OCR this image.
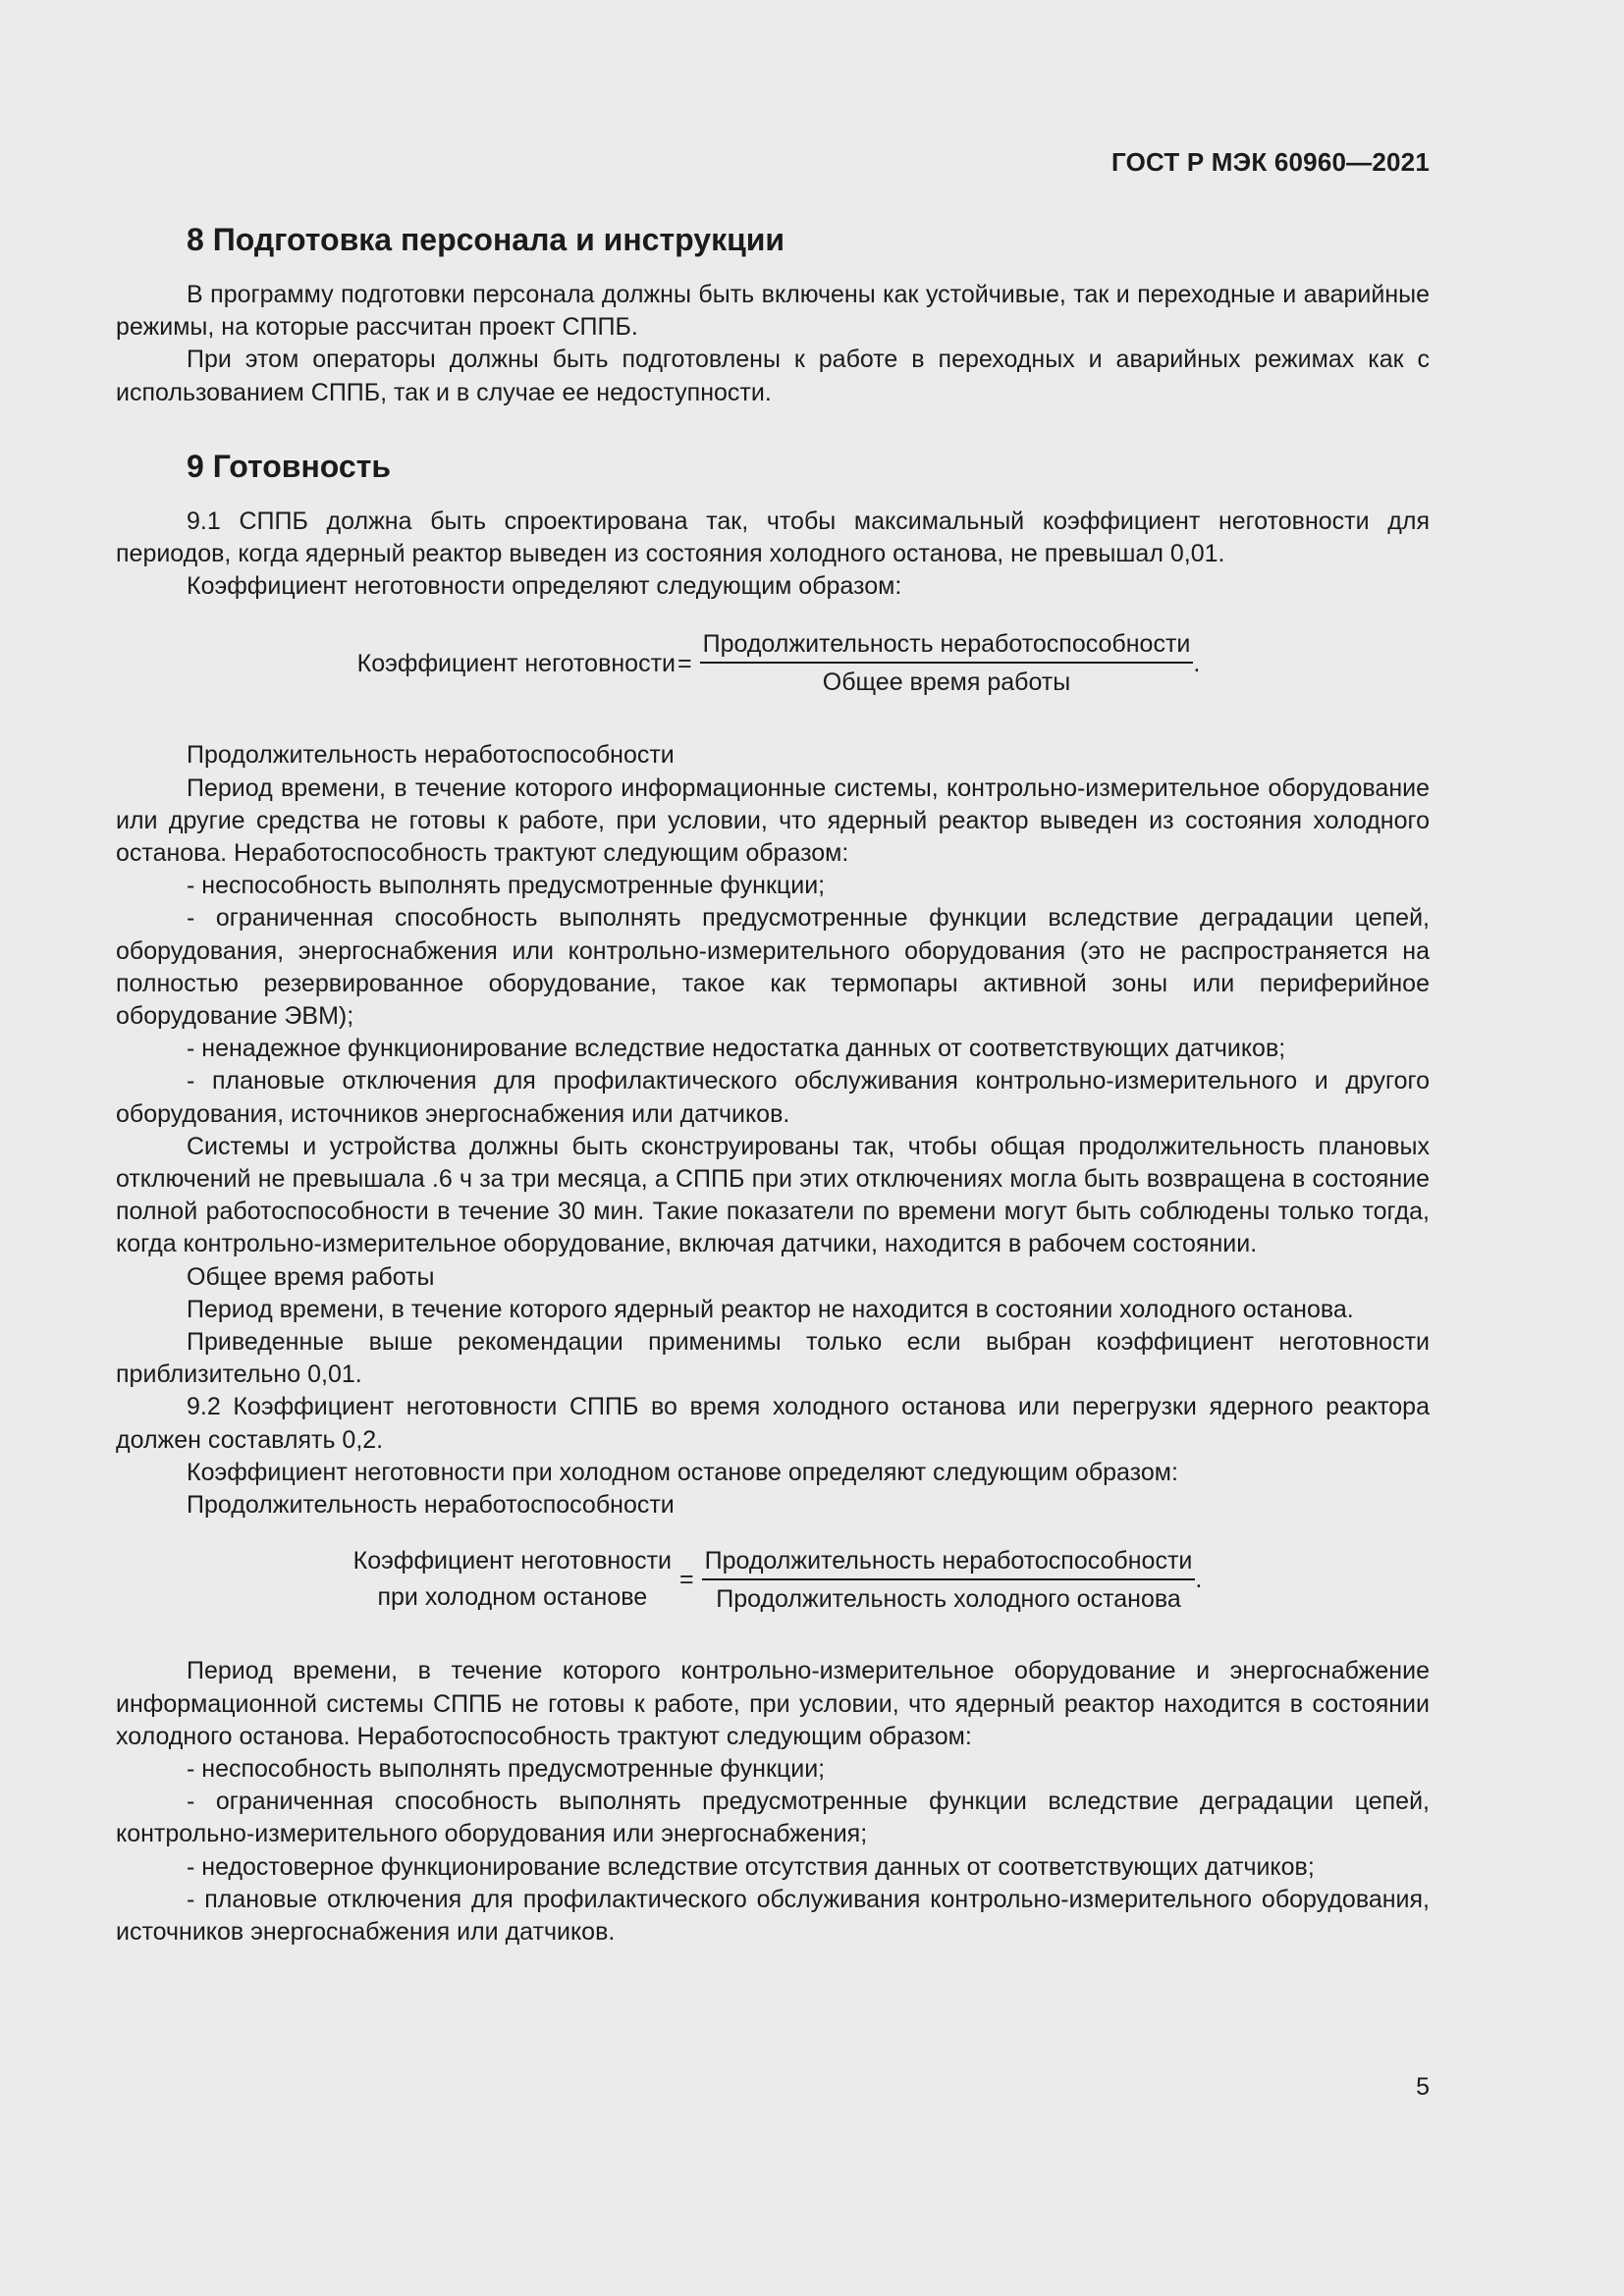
ГОСТ Р МЭК 60960—2021
8 Подготовка персонала и инструкции

В программу подготовки персонала должны быть включены как устойчивые, так и переходные и аварийные режимы, на которые рассчитан проект СППБ.

При этом операторы должны быть подготовлены к работе в переходных и аварийных режимах как с использованием СППБ, так и в случае ее недоступности.

9 Готовность

9.1 СППБ должна быть спроектирована так, чтобы максимальный коэффициент неготовности для периодов, когда ядерный реактор выведен из состояния холодного останова, не превышал 0,01.

Коэффициент неготовности определяют следующим образом:

Коэффициент неготовности = $\frac{\text{Продолжительность неработоспособности}}{\text{Общее время работы}}$ .

Продолжительность неработоспособности

Период времени, в течение которого информационные системы, контрольно-измерительное оборудование или другие средства не готовы к работе, при условии, что ядерный реактор выведен из состояния холодного останова. Неработоспособность трактуют следующим образом:

- неспособность выполнять предусмотренные функции;

- ограниченная способность выполнять предусмотренные функции вследствие деградации цепей, оборудования, энергоснабжения или контрольно-измерительного оборудования (это не распространяется на полностью резервированное оборудование, такое как термопары активной зоны или периферийное оборудование ЭВМ);

- ненадежное функционирование вследствие недостатка данных от соответствующих датчиков;

- плановые отключения для профилактического обслуживания контрольно-измерительного и другого оборудования, источников энергоснабжения или датчиков.

Системы и устройства должны быть сконструированы так, чтобы общая продолжительность плановых отключений не превышала .6 ч за три месяца, а СППБ при этих отключениях могла быть возвращена в состояние полной работоспособности в течение 30 мин. Такие показатели по времени могут быть соблюдены только тогда, когда контрольно-измерительное оборудование, включая датчики, находится в рабочем состоянии.

Общее время работы

Период времени, в течение которого ядерный реактор не находится в состоянии холодного останова.

Приведенные выше рекомендации применимы только если выбран коэффициент неготовности приблизительно 0,01.

9.2 Коэффициент неготовности СППБ во время холодного останова или перегрузки ядерного реактора должен составлять 0,2.

Коэффициент неготовности при холодном останове определяют следующим образом:

Продолжительность неработоспособности

Коэффициент неготовности
при холодном останове
= $\frac{\text{Продолжительность неработоспособности}}{\text{Продолжительность холодного останова}}$ .

Период времени, в течение которого контрольно-измерительное оборудование и энергоснабжение информационной системы СППБ не готовы к работе, при условии, что ядерный реактор находится в состоянии холодного останова. Неработоспособность трактуют следующим образом:

- неспособность выполнять предусмотренные функции;

- ограниченная способность выполнять предусмотренные функции вследствие деградации цепей, контрольно-измерительного оборудования или энергоснабжения;

- недостоверное функционирование вследствие отсутствия данных от соответствующих датчиков;

- плановые отключения для профилактического обслуживания контрольно-измерительного оборудования, источников энергоснабжения или датчиков.

5
